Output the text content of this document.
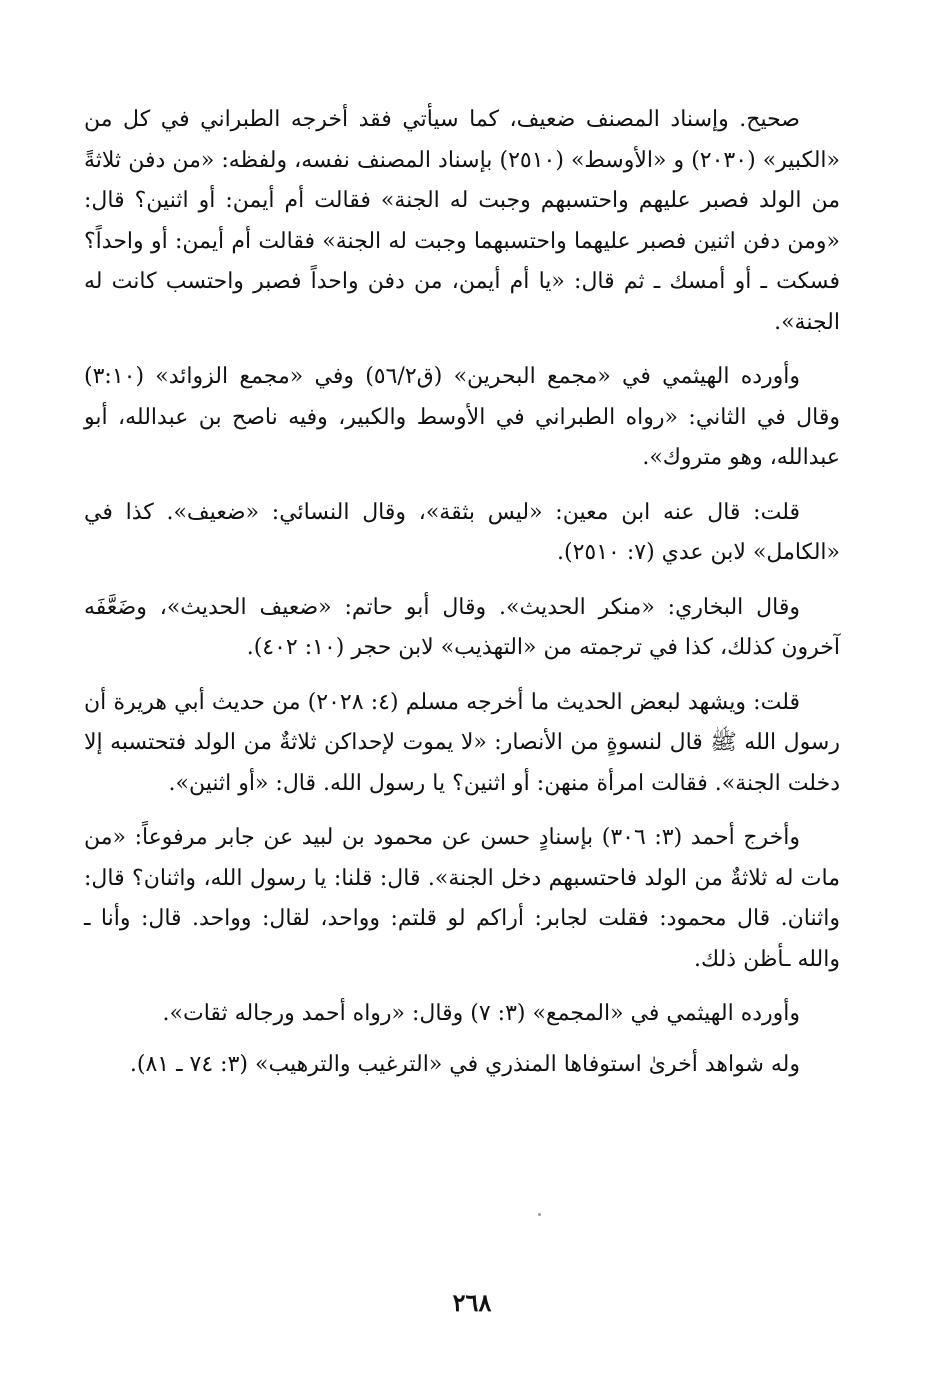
صحيح. وإسناد المصنف ضعيف، كما سيأتي فقد أخرجه الطبراني في كل من «الكبير» (٢٠٣٠) و «الأوسط» (٢٥١٠) بإسناد المصنف نفسه، ولفظه: «من دفن ثلاثةً من الولد فصبر عليهم واحتسبهم وجبت له الجنة» فقالت أم أيمن: أو اثنين؟ قال: «ومن دفن اثنين فصبر عليهما واحتسبهما وجبت له الجنة» فقالت أم أيمن: أو واحداً؟ فسكت ـ أو أمسك ـ ثم قال: «يا أم أيمن، من دفن واحداً فصبر واحتسب كانت له الجنة».

وأورده الهيثمي في «مجمع البحرين» (ق٥٦/٢) وفي «مجمع الزوائد» (٣:١٠) وقال في الثاني: «رواه الطبراني في الأوسط والكبير، وفيه ناصح بن عبدالله، أبو عبدالله، وهو متروك».

قلت: قال عنه ابن معين: «ليس بثقة»، وقال النسائي: «ضعيف». كذا في «الكامل» لابن عدي (٧: ٢٥١٠).

وقال البخاري: «منكر الحديث». وقال أبو حاتم: «ضعيف الحديث»، وضَعَّفَه آخرون كذلك، كذا في ترجمته من «التهذيب» لابن حجر (١٠: ٤٠٢).

قلت: ويشهد لبعض الحديث ما أخرجه مسلم (٤: ٢٠٢٨) من حديث أبي هريرة أن رسول الله ﷺ قال لنسوةٍ من الأنصار: «لا يموت لإحداكن ثلاثةٌ من الولد فتحتسبه إلا دخلت الجنة». فقالت امرأة منهن: أو اثنين؟ يا رسول الله. قال: «أو اثنين».

وأخرج أحمد (٣: ٣٠٦) بإسنادٍ حسن عن محمود بن لبيد عن جابر مرفوعاً: «من مات له ثلاثةٌ من الولد فاحتسبهم دخل الجنة». قال: قلنا: يا رسول الله، واثنان؟ قال: واثنان. قال محمود: فقلت لجابر: أراكم لو قلتم: وواحد، لقال: وواحد. قال: وأنا ـ والله ـأظن ذلك.

وأورده الهيثمي في «المجمع» (٣: ٧) وقال: «رواه أحمد ورجاله ثقات».

وله شواهد أخرىٰ استوفاها المنذري في «الترغيب والترهيب» (٣: ٧٤ ـ ٨١).

٢٦٨
